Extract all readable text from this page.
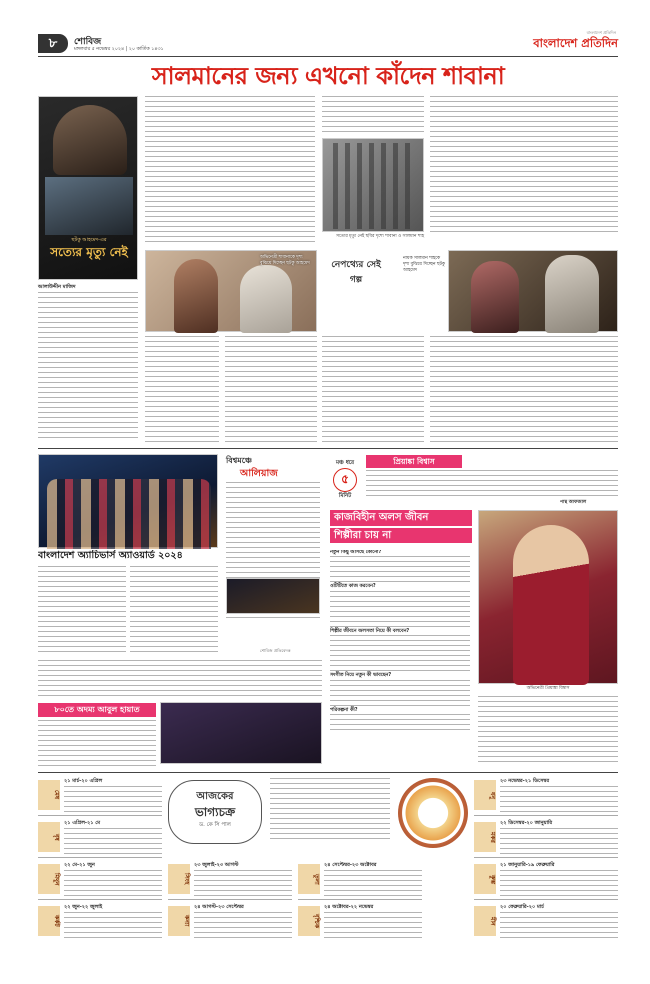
৮	শোবিজ
মঙ্গলবার ৫ নভেম্বর ২০২৪ | ২০ কার্তিক ১৪৩১
বাংলাদেশ প্রতিদিন
বাংলাদেশ প্রতিদিন
সালমানের জন্য এখনো কাঁদেন শাবানা
ছটকু আহমেদ-এর
সত্যের মৃত্যু নেই
আলাউদ্দীন মাজিদ
সত্যের মৃত্যু নেই ছবির দৃশ্যে শাবানা ও সালমান শাহ
অভিনেত্রী শাবানাকে দৃশ্য বুঝিয়ে দিচ্ছেন ছটকু আহমেদ	নেপথ্যের সেই গল্প
নায়ক সালমান শাহকে দৃশ্য বুঝিয়ে দিচ্ছেন ছটকু আহমেদ
বাংলাদেশ অ্যাচিভার্স অ্যাওয়ার্ড ২০২৪
বিশ্বমঞ্চে
আলিয়াজ
শোবিজ প্রতিবেদক
মঞ্চ ধরে
৫
মিনিট
প্রিয়াঙ্কা বিশ্বাস
পান্থ আফজাল
কাজবিহীন অলস জীবন
শিল্পীরা চায় না
নতুন কিছু আসছে কোনো?
ওটিটিতে কাজ করবেন?
শিল্পীর জীবনে অলসতা নিয়ে কী বলবেন?
সংগীত নিয়ে নতুন কী ভাবছেন?
পরিকল্পনা কী?
অভিনেত্রী প্রিয়াঙ্কা বিশ্বাস
৮০তে অদম্য আবুল হায়াত
মেষ
২১ মার্চ-২০ এপ্রিল
বৃষ
২১ এপ্রিল-২১ মে
মিথুন
২২ মে-২১ জুন
কর্কট
২২ জুন-২২ জুলাই
আজকের
ভাগ্যচক্র
ড. কে সি পাল
সিংহ
২৩ জুলাই-২৩ আগস্ট
কন্যা
২৪ আগস্ট-২৩ সেপ্টেম্বর
তুলা
২৪ সেপ্টেম্বর-২৩ অক্টোবর
বৃশ্চিক
২৪ অক্টোবর-২২ নভেম্বর
ধনু
২৩ নভেম্বর-২১ ডিসেম্বর
মকর
২২ ডিসেম্বর-২০ জানুয়ারি
কুম্ভ
২১ জানুয়ারি-১৯ ফেব্রুয়ারি
মীন
২০ ফেব্রুয়ারি-২০ মার্চ
